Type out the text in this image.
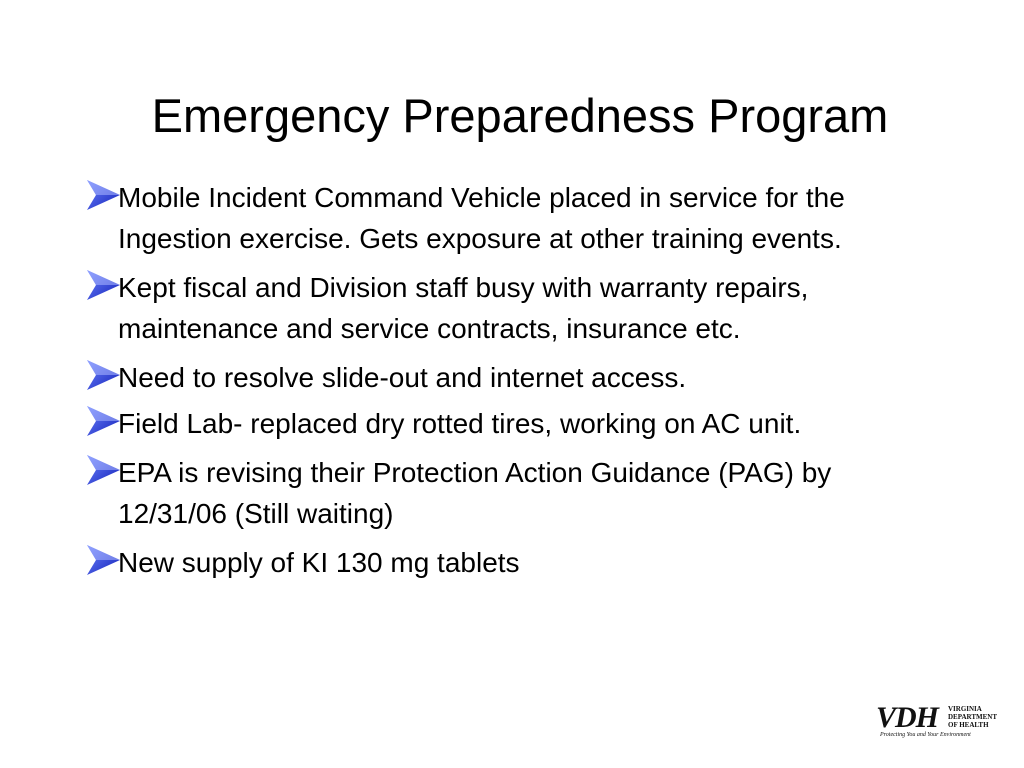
Emergency Preparedness Program
Mobile Incident Command Vehicle placed in service for the Ingestion exercise. Gets exposure at other training events.
Kept fiscal and Division staff busy with warranty repairs, maintenance and service contracts, insurance etc.
Need to resolve slide-out and internet access.
Field Lab- replaced dry rotted tires, working on AC unit.
EPA is revising their Protection Action Guidance (PAG) by 12/31/06 (Still waiting)
New supply of KI 130 mg tablets
VDH VIRGINIA
DEPARTMENT
OF HEALTH
Protecting You and Your Environment
